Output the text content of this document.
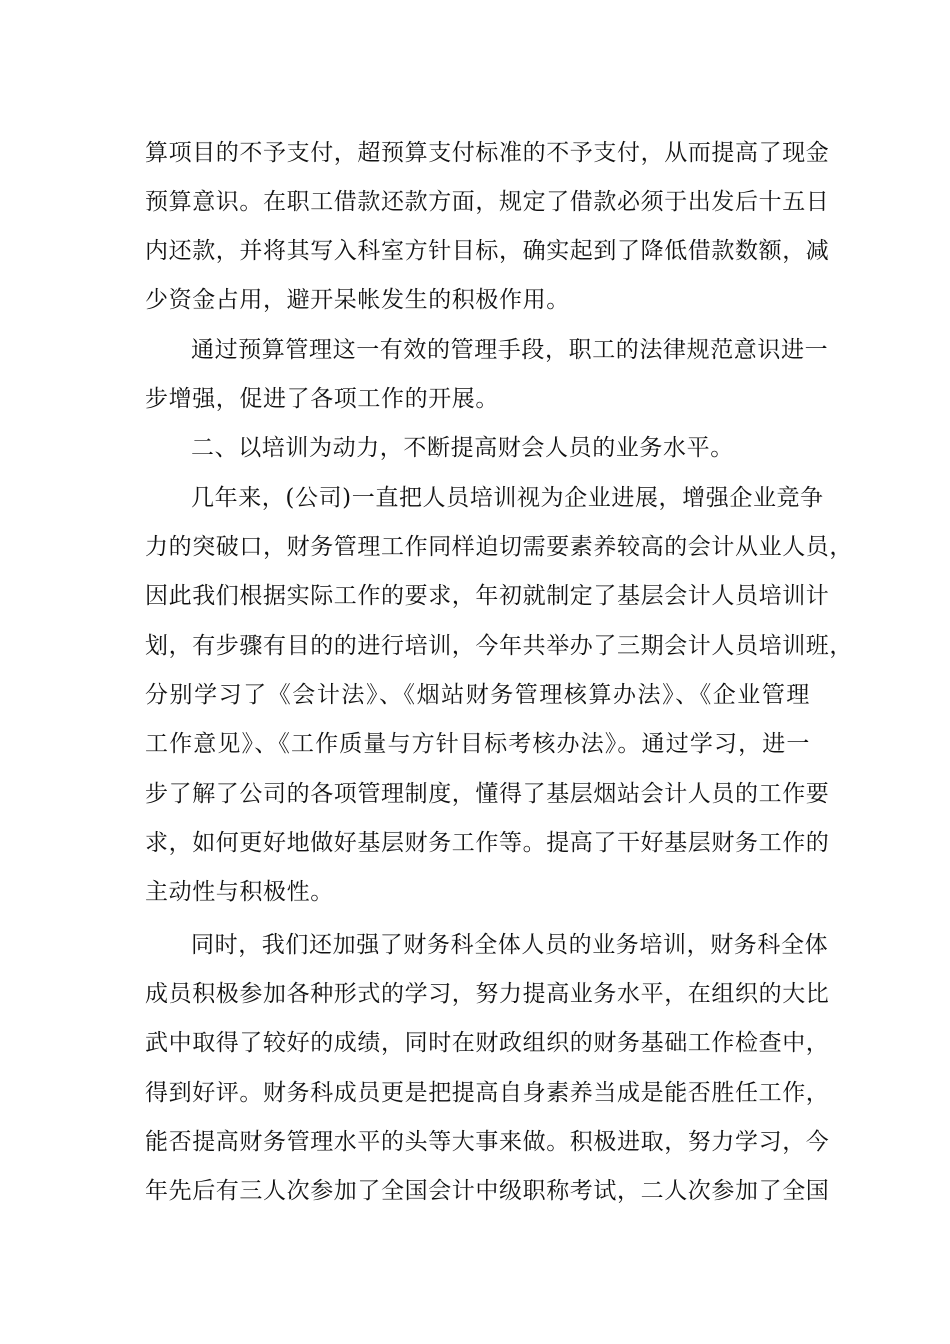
算项目的不予支付，超预算支付标准的不予支付，从而提高了现金
预算意识。在职工借款还款方面，规定了借款必须于出发后十五日
内还款，并将其写入科室方针目标，确实起到了降低借款数额，减
少资金占用，避开呆帐发生的积极作用。
通过预算管理这一有效的管理手段，职工的法律规范意识进一
步增强，促进了各项工作的开展。
二、以培训为动力，不断提高财会人员的业务水平。
几年来，(公司)一直把人员培训视为企业进展，增强企业竞争
力的突破口，财务管理工作同样迫切需要素养较高的会计从业人员，
因此我们根据实际工作的要求，年初就制定了基层会计人员培训计
划，有步骤有目的的进行培训，今年共举办了三期会计人员培训班，
分别学习了《会计法》、《烟站财务管理核算办法》、《企业管理
工作意见》、《工作质量与方针目标考核办法》。通过学习，进一
步了解了公司的各项管理制度，懂得了基层烟站会计人员的工作要
求，如何更好地做好基层财务工作等。提高了干好基层财务工作的
主动性与积极性。
同时，我们还加强了财务科全体人员的业务培训，财务科全体
成员积极参加各种形式的学习，努力提高业务水平，在组织的大比
武中取得了较好的成绩，同时在财政组织的财务基础工作检查中，
得到好评。财务科成员更是把提高自身素养当成是能否胜任工作，
能否提高财务管理水平的头等大事来做。积极进取，努力学习，今
年先后有三人次参加了全国会计中级职称考试，二人次参加了全国
